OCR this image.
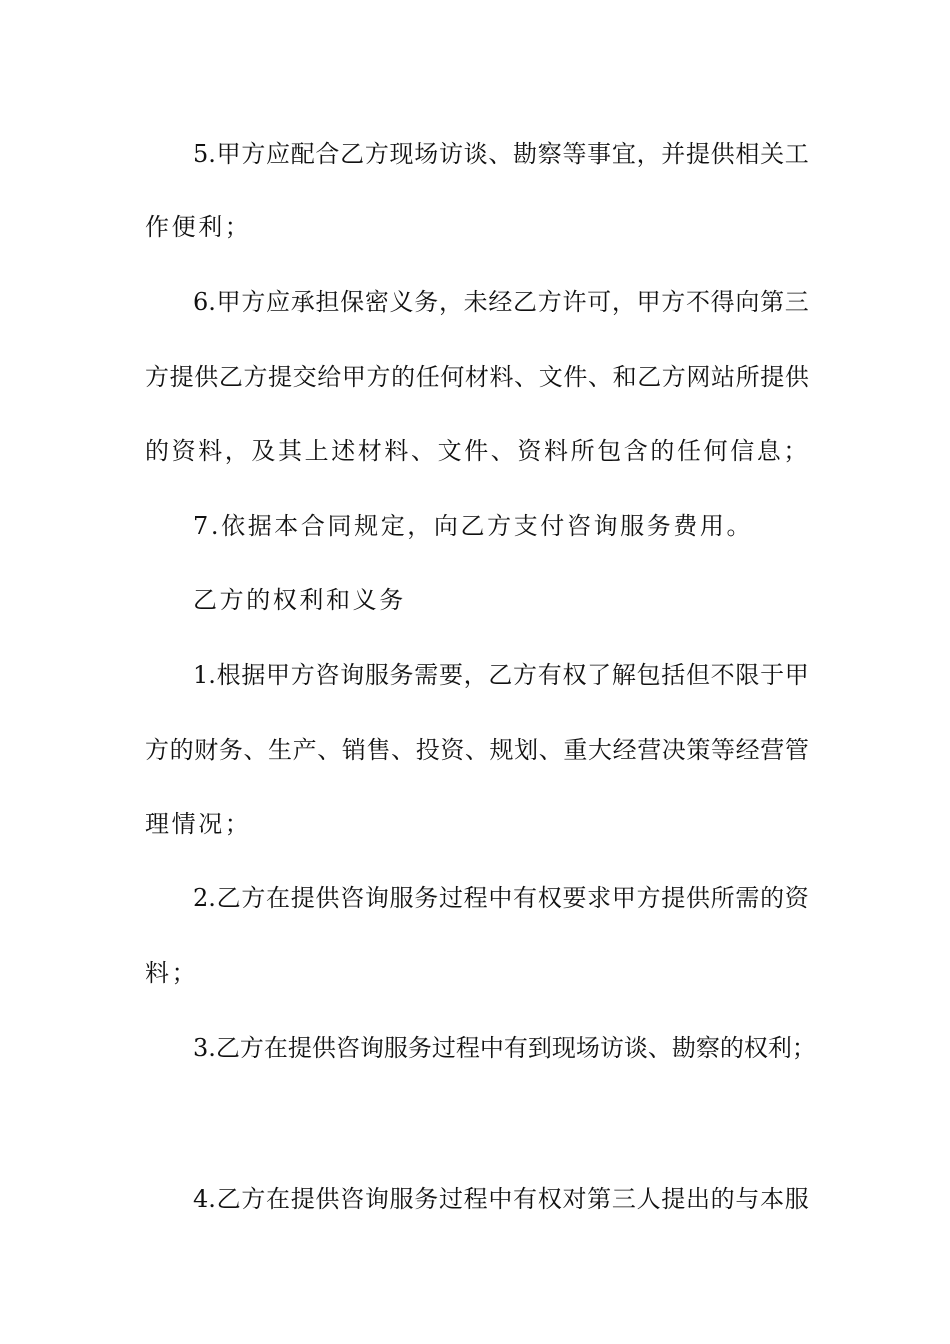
5. 甲 方 应 配 合 乙 方 现 场 访 谈 、 勘 察 等 事 宜 ， 并 提 供 相 关 工
作便利；
6. 甲 方 应 承 担 保 密 义 务 ， 未 经 乙 方 许 可 ， 甲 方 不 得 向 第 三
方 提 供 乙 方 提 交 给 甲 方 的 任 何 材 料 、 文 件 、 和 乙 方 网 站 所 提 供
的资料，及其上述材料、文件、资料所包含的任何信息；
7.依据本合同规定，向乙方支付咨询服务费用。
乙方的权利和义务
1. 根 据 甲 方 咨 询 服 务 需 要 ， 乙 方 有 权 了 解 包 括 但 不 限 于 甲
方 的 财 务 、 生 产 、 销 售 、 投 资 、 规 划 、 重 大 经 营 决 策 等 经 营 管
理情况；
2. 乙 方 在 提 供 咨 询 服 务 过 程 中 有 权 要 求 甲 方 提 供 所 需 的 资
料；
3. 乙 方 在 提 供 咨 询 服 务 过 程 中 有 到 现 场 访 谈 、 勘 察 的 权 利 ；
4. 乙 方 在 提 供 咨 询 服 务 过 程 中 有 权 对 第 三 人 提 出 的 与 本 服
